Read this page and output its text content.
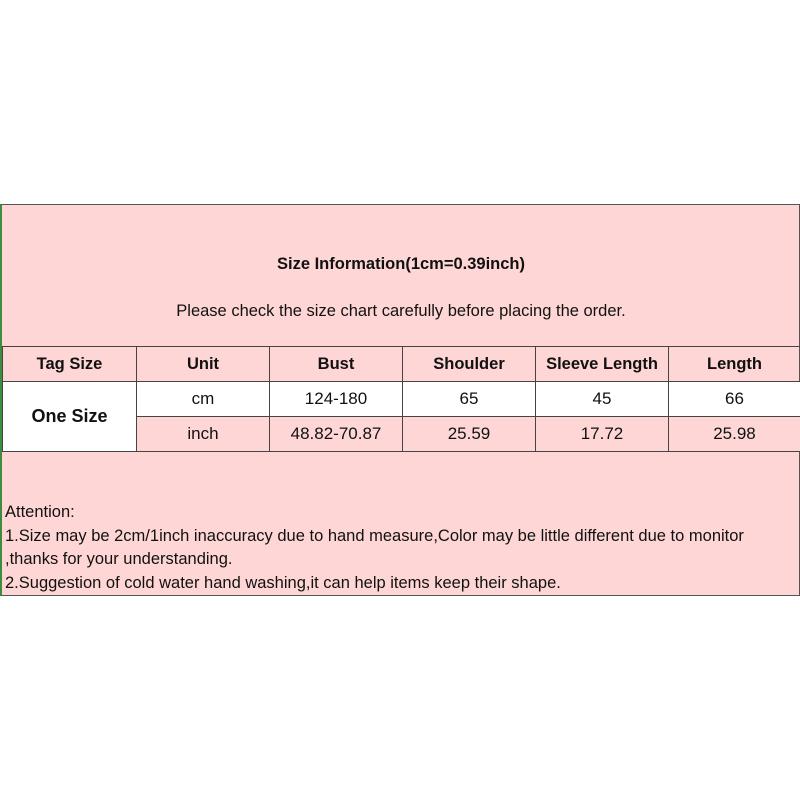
Size Information(1cm=0.39inch)
Please check the size chart carefully before placing the order.
Tag Size	Unit	Bust	Shoulder	Sleeve Length	Length
One Size	cm	124-180	65	45	66
	inch	48.82-70.87	25.59	17.72	25.98
Attention:
1.Size may be 2cm/1inch inaccuracy due to hand measure,Color may be little different due to monitor ,thanks for your understanding.
2.Suggestion of cold water hand washing,it can help items keep their shape.
